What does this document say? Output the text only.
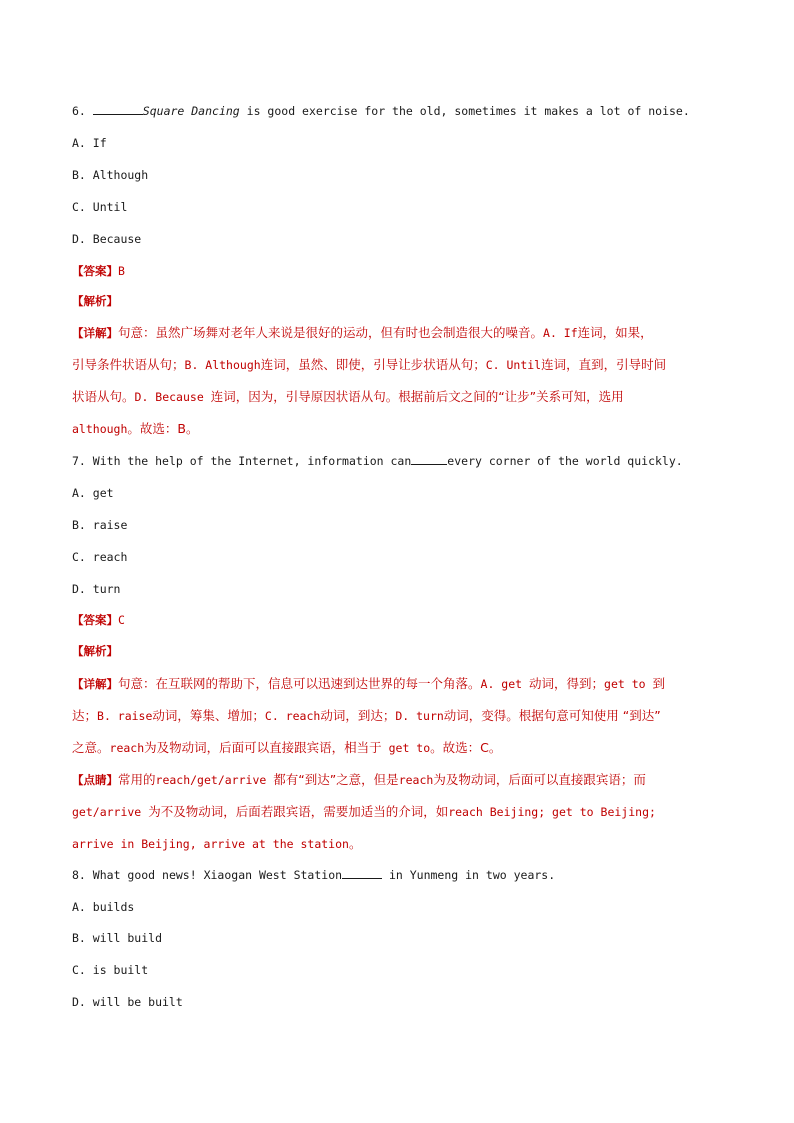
6.	Square Dancing is good exercise for the old, sometimes it makes a lot of noise.
A. If
B. Although
C. Until
D. Because
【答案】B
【解析】
【详解】句意：虽然广场舞对老年人来说是很好的运动，但有时也会制造很大的噪音。A. If连词，如果，
引导条件状语从句；B. Although连词，虽然、即使，引导让步状语从句；C. Until连词，直到，引导时间
状语从句。D. Because 连词，因为，引导原因状语从句。根据前后文之间的“让步”关系可知，选用
although。故选：B。
7. With the help of the Internet, information can	every corner of the world quickly.
A. get
B. raise
C. reach
D. turn
【答案】C
【解析】
【详解】句意：在互联网的帮助下，信息可以迅速到达世界的每一个角落。A. get 动词，得到；get to 到
达；B. raise动词，筹集、增加；C. reach动词，到达；D. turn动词，变得。根据句意可知使用 “到达”
之意。reach为及物动词，后面可以直接跟宾语，相当于 get to。故选：C。
【点睛】常用的reach/get/arrive 都有“到达”之意，但是reach为及物动词，后面可以直接跟宾语；而
get/arrive 为不及物动词，后面若跟宾语，需要加适当的介词，如reach Beijing; get to Beijing;
arrive in Beijing, arrive at the station。
8. What good news! Xiaogan West Station	in Yunmeng in two years.
A. builds
B. will build
C. is built
D. will be built
